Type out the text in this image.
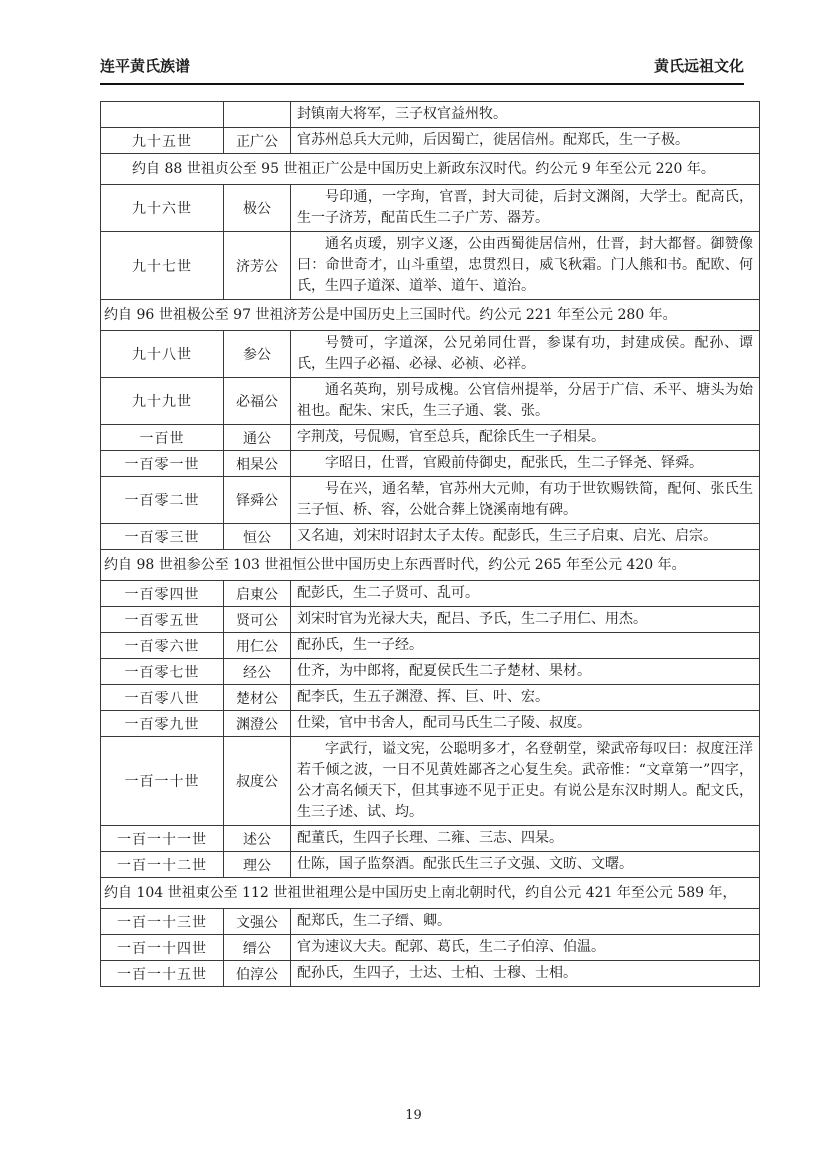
连平黄氏族谱	黄氏远祖文化
		封镇南大将军，三子权官益州牧。
九十五世	正广公	官苏州总兵大元帅，后因蜀亡，徙居信州。配郑氏，生一子极。
约自 88 世祖贞公至 95 世祖正广公是中国历史上新政东汉时代。约公元 9 年至公元 220 年。		
九十六世	极公	号印通，一字珣，官晋，封大司徒，后封文渊阁，大学士。配高氏，生一子济芳，配苗氏生二子广芳、器芳。
九十七世	济芳公	通名贞瑷，别字义逐，公由西蜀徙居信州，仕晋，封大都督。御赞像曰：命世奇才，山斗重望，忠贯烈日，威飞秋霜。门人熊和书。配欧、何氏，生四子道深、道举、道午、道治。
约自 96 世祖极公至 97 世祖济芳公是中国历史上三国时代。约公元 221 年至公元 280 年。		
九十八世	参公	号赞可，字道深，公兄弟同仕晋，参谋有功，封建成侯。配孙、谭氏，生四子必福、必禄、必祯、必祥。
九十九世	必福公	通名英玽，别号成槐。公官信州提举，分居于广信、禾平、塘头为始祖也。配朱、宋氏，生三子通、裳、张。
一百世	通公	字荆茂，号侃赐，官至总兵，配徐氏生一子相杲。
一百零一世	相杲公	字昭日，仕晋，官殿前侍御史，配张氏，生二子铎尧、铎舜。
一百零二世	铎舜公	号在兴，通名辇，官苏州大元帅，有功于世钦赐铁简，配何、张氏生三子恒、桥、容，公妣合葬上饶溪南地有碑。
一百零三世	恒公	又名迪，刘宋时诏封太子太传。配彭氏，生三子启東、启光、启宗。
约自 98 世祖参公至 103 世祖恒公世中国历史上东西晋时代，约公元 265 年至公元 420 年。		
一百零四世	启東公	配彭氏，生二子贤可、乱可。
一百零五世	贤可公	刘宋时官为光禄大夫，配吕、予氏，生二子用仁、用杰。
一百零六世	用仁公	配孙氏，生一子经。
一百零七世	经公	仕齐，为中郎将，配夏侯氏生二子楚材、果材。
一百零八世	楚材公	配李氏，生五子渊澄、挥、巨、叶、宏。
一百零九世	渊澄公	仕梁，官中书舍人，配司马氏生二子陵、叔度。
一百一十世	叔度公	字武行，谥文宪，公聪明多才，名登朝堂，梁武帝每叹曰：叔度汪洋若千倾之波，一日不见黄姓鄙吝之心复生矣。武帝惟：“文章第一”四字，公才高名倾天下，但其事迹不见于正史。有说公是东汉时期人。配文氏，生三子述、试、均。
一百一十一世	述公	配董氏，生四子长理、二雍、三志、四杲。
一百一十二世	理公	仕陈，国子监祭酒。配张氏生三子文强、文昉、文曙。
约自 104 世祖東公至 112 世祖世祖理公是中国历史上南北朝时代，约自公元 421 年至公元 589 年，		
一百一十三世	文强公	配郑氏，生二子缙、卿。
一百一十四世	缙公	官为速议大夫。配郭、葛氏，生二子伯淳、伯温。
一百一十五世	伯淳公	配孙氏，生四子，士达、士柏、士穆、士相。
19
